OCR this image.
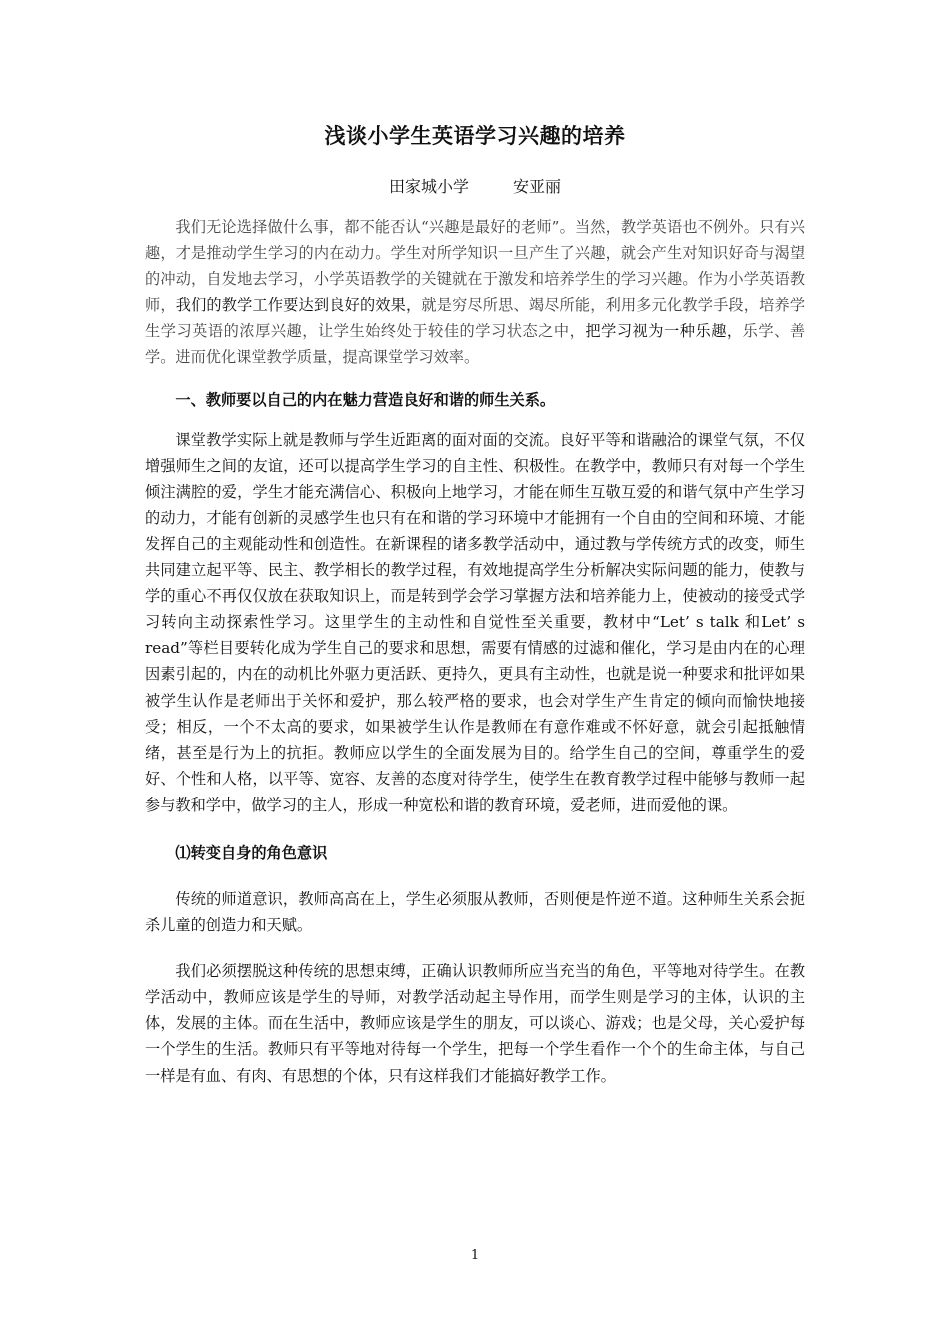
浅谈小学生英语学习兴趣的培养
田家城小学	安亚丽

我们无论选择做什么事，都不能否认“兴趣是最好的老师”。当然，教学英语也不例外。只有兴趣，才是推动学生学习的内在动力。学生对所学知识一旦产生了兴趣，就会产生对知识好奇与渴望的冲动，自发地去学习，小学英语教学的关键就在于激发和培养学生的学习兴趣。作为小学英语教师，我们的教学工作要达到良好的效果，就是穷尽所思、竭尽所能，利用多元化教学手段，培养学生学习英语的浓厚兴趣，让学生始终处于较佳的学习状态之中，把学习视为一种乐趣，乐学、善学。进而优化课堂教学质量，提高课堂学习效率。

一、教师要以自己的内在魅力营造良好和谐的师生关系。

课堂教学实际上就是教师与学生近距离的面对面的交流。良好平等和谐融洽的课堂气氛，不仅增强师生之间的友谊，还可以提高学生学习的自主性、积极性。在教学中，教师只有对每一个学生倾注满腔的爱，学生才能充满信心、积极向上地学习，才能在师生互敬互爱的和谐气氛中产生学习的动力，才能有创新的灵感学生也只有在和谐的学习环境中才能拥有一个自由的空间和环境、才能发挥自己的主观能动性和创造性。在新课程的诸多教学活动中，通过教与学传统方式的改变，师生共同建立起平等、民主、教学相长的教学过程，有效地提高学生分析解决实际问题的能力，使教与学的重心不再仅仅放在获取知识上，而是转到学会学习掌握方法和培养能力上，使被动的接受式学习转向主动探索性学习。这里学生的主动性和自觉性至关重要，教材中“Let’ s talk 和Let’ s read”等栏目要转化成为学生自己的要求和思想，需要有情感的过滤和催化，学习是由内在的心理因素引起的，内在的动机比外驱力更活跃、更持久，更具有主动性，也就是说一种要求和批评如果被学生认作是老师出于关怀和爱护，那么较严格的要求，也会对学生产生肯定的倾向而愉快地接受；相反，一个不太高的要求，如果被学生认作是教师在有意作难或不怀好意，就会引起抵触情绪，甚至是行为上的抗拒。教师应以学生的全面发展为目的。给学生自己的空间，尊重学生的爱好、个性和人格，以平等、宽容、友善的态度对待学生，使学生在教育教学过程中能够与教师一起参与教和学中，做学习的主人，形成一种宽松和谐的教育环境，爱老师，进而爱他的课。

⑴转变自身的角色意识

传统的师道意识，教师高高在上，学生必须服从教师，否则便是忤逆不道。这种师生关系会扼杀儿童的创造力和天赋。

我们必须摆脱这种传统的思想束缚，正确认识教师所应当充当的角色，平等地对待学生。在教学活动中，教师应该是学生的导师，对教学活动起主导作用，而学生则是学习的主体，认识的主体，发展的主体。而在生活中，教师应该是学生的朋友，可以谈心、游戏；也是父母，关心爱护每一个学生的生活。教师只有平等地对待每一个学生，把每一个学生看作一个个的生命主体，与自己一样是有血、有肉、有思想的个体，只有这样我们才能搞好教学工作。

1
